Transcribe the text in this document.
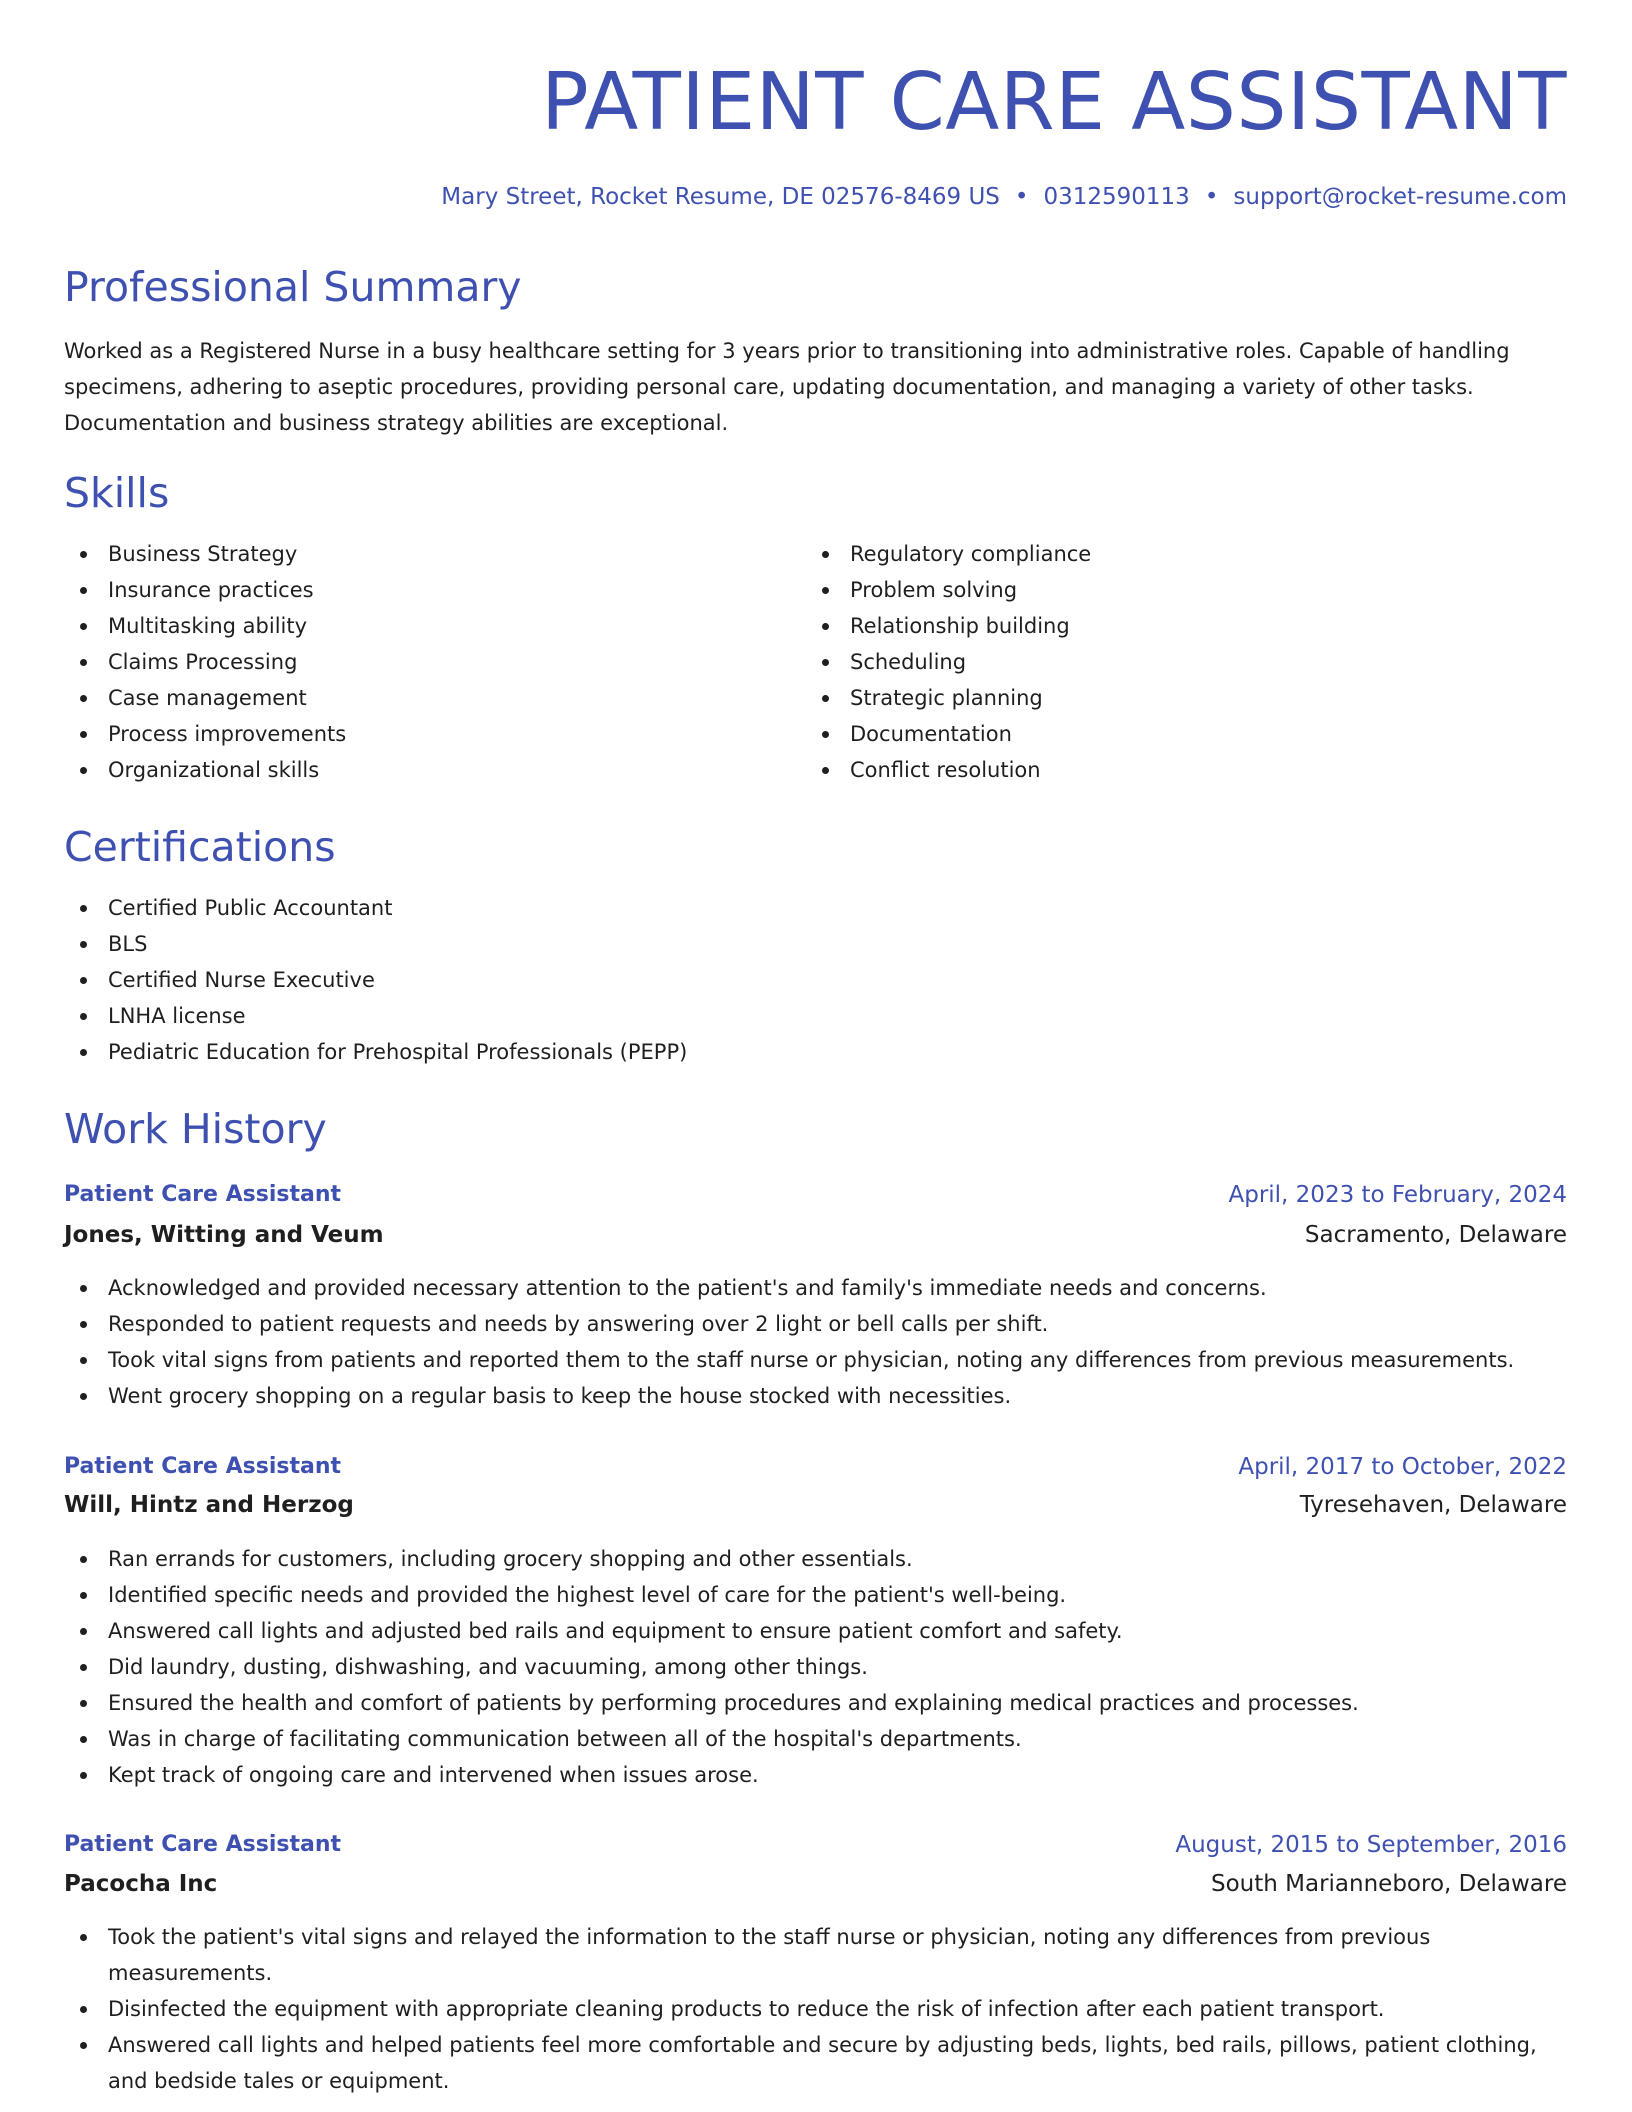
PATIENT CARE ASSISTANT
Mary Street, Rocket Resume, DE 02576-8469 US • 0312590113 • support@rocket-resume.com
Professional Summary

Worked as a Registered Nurse in a busy healthcare setting for 3 years prior to transitioning into administrative roles. Capable of handling specimens, adhering to aseptic procedures, providing personal care, updating documentation, and managing a variety of other tasks. Documentation and business strategy abilities are exceptional.

Skills
Business Strategy
Insurance practices
Multitasking ability
Claims Processing
Case management
Process improvements
Organizational skills
Regulatory compliance
Problem solving
Relationship building
Scheduling
Strategic planning
Documentation
Conflict resolution
Certifications
Certified Public Accountant
BLS
Certified Nurse Executive
LNHA license
Pediatric Education for Prehospital Professionals (PEPP)
Work History
Patient Care Assistant	April, 2023 to February, 2024
Jones, Witting and Veum	Sacramento, Delaware
Acknowledged and provided necessary attention to the patient's and family's immediate needs and concerns.
Responded to patient requests and needs by answering over 2 light or bell calls per shift.
Took vital signs from patients and reported them to the staff nurse or physician, noting any differences from previous measurements.
Went grocery shopping on a regular basis to keep the house stocked with necessities.
Patient Care Assistant	April, 2017 to October, 2022
Will, Hintz and Herzog	Tyresehaven, Delaware
Ran errands for customers, including grocery shopping and other essentials.
Identified specific needs and provided the highest level of care for the patient's well-being.
Answered call lights and adjusted bed rails and equipment to ensure patient comfort and safety.
Did laundry, dusting, dishwashing, and vacuuming, among other things.
Ensured the health and comfort of patients by performing procedures and explaining medical practices and processes.
Was in charge of facilitating communication between all of the hospital's departments.
Kept track of ongoing care and intervened when issues arose.
Patient Care Assistant	August, 2015 to September, 2016
Pacocha Inc	South Marianneboro, Delaware
Took the patient's vital signs and relayed the information to the staff nurse or physician, noting any differences from previous measurements.
Disinfected the equipment with appropriate cleaning products to reduce the risk of infection after each patient transport.
Answered call lights and helped patients feel more comfortable and secure by adjusting beds, lights, bed rails, pillows, patient clothing, and bedside tales or equipment.
